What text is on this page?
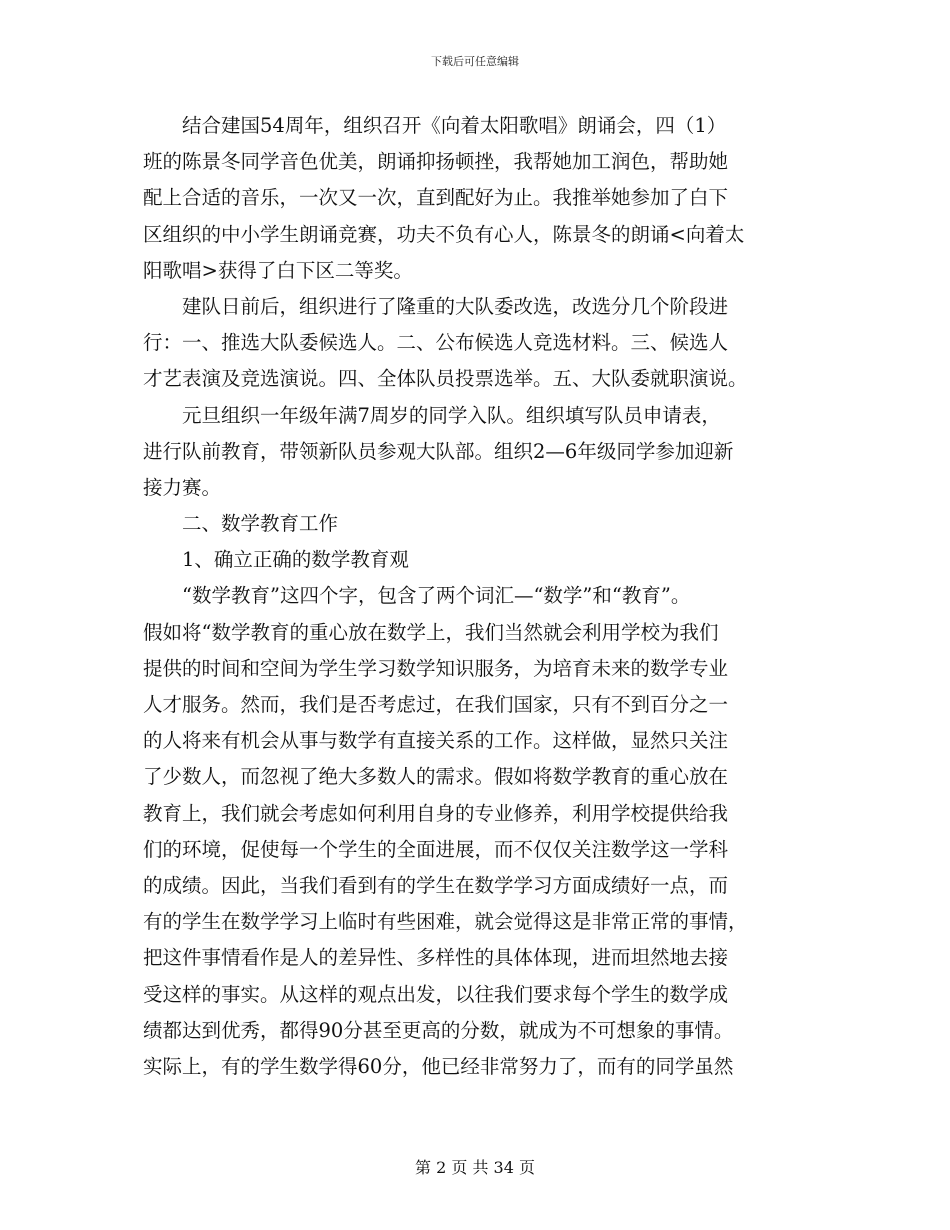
下载后可任意编辑
　　结合建国54周年，组织召开《向着太阳歌唱》朗诵会，四（1）
班的陈景冬同学音色优美，朗诵抑扬顿挫，我帮她加工润色，帮助她
配上合适的音乐，一次又一次，直到配好为止。我推举她参加了白下
区组织的中小学生朗诵竞赛，功夫不负有心人，陈景冬的朗诵<向着太
阳歌唱>获得了白下区二等奖。
　　建队日前后，组织进行了隆重的大队委改选，改选分几个阶段进
行：一、推选大队委候选人。二、公布候选人竞选材料。三、候选人
才艺表演及竞选演说。四、全体队员投票选举。五、大队委就职演说。
　　元旦组织一年级年满7周岁的同学入队。组织填写队员申请表，
进行队前教育，带领新队员参观大队部。组织2—6年级同学参加迎新
接力赛。
　　二、数学教育工作
　　1、确立正确的数学教育观
　　“数学教育”这四个字，包含了两个词汇—“数学”和“教育”。
假如将“数学教育的重心放在数学上，我们当然就会利用学校为我们
提供的时间和空间为学生学习数学知识服务，为培育未来的数学专业
人才服务。然而，我们是否考虑过，在我们国家，只有不到百分之一
的人将来有机会从事与数学有直接关系的工作。这样做，显然只关注
了少数人，而忽视了绝大多数人的需求。假如将数学教育的重心放在
教育上，我们就会考虑如何利用自身的专业修养，利用学校提供给我
们的环境，促使每一个学生的全面进展，而不仅仅关注数学这一学科
的成绩。因此，当我们看到有的学生在数学学习方面成绩好一点，而
有的学生在数学学习上临时有些困难，就会觉得这是非常正常的事情，
把这件事情看作是人的差异性、多样性的具体体现，进而坦然地去接
受这样的事实。从这样的观点出发，以往我们要求每个学生的数学成
绩都达到优秀，都得90分甚至更高的分数，就成为不可想象的事情。
实际上，有的学生数学得60分，他已经非常努力了，而有的同学虽然
第 2 页 共 34 页
